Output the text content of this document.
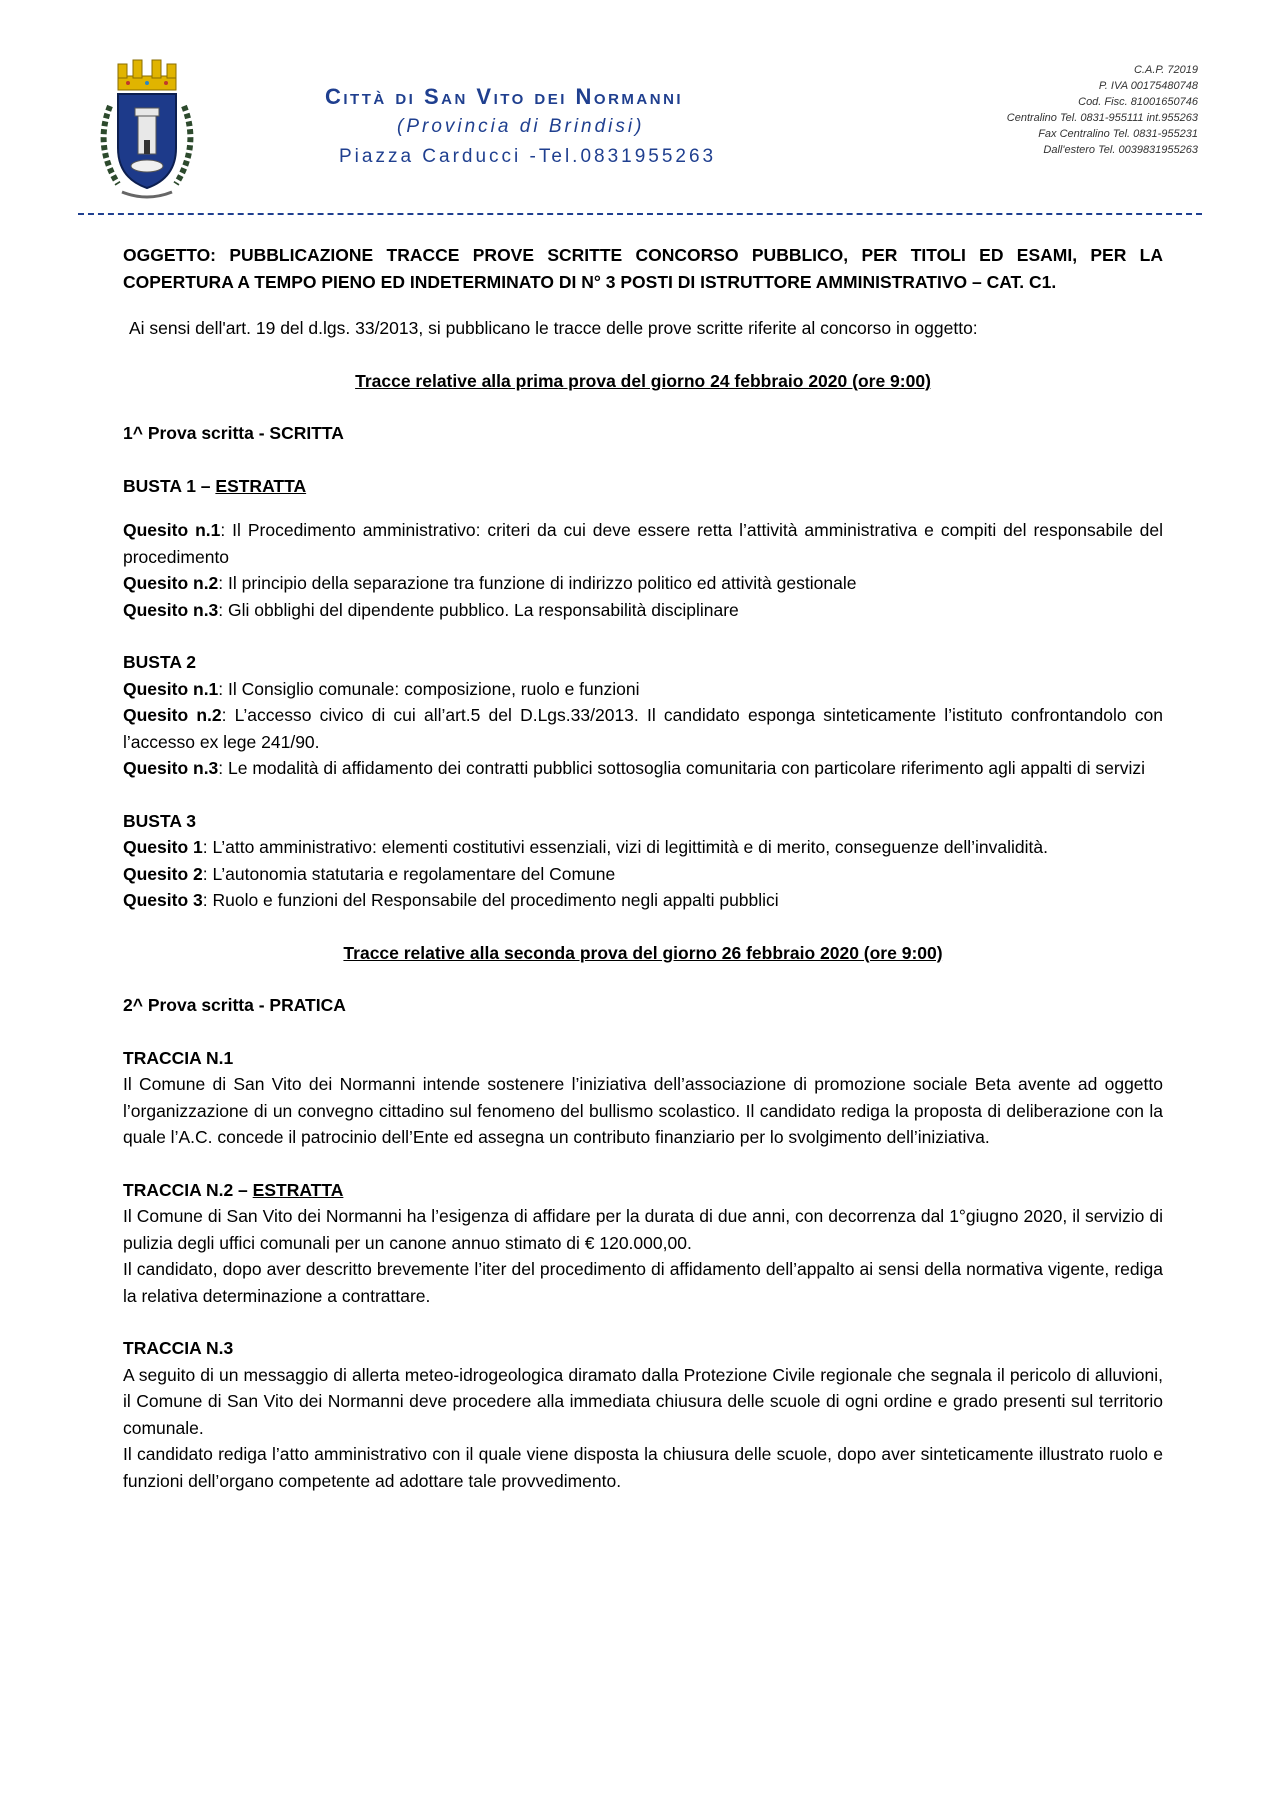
Città di San Vito dei Normanni
(Provincia di Brindisi)
Piazza Carducci -Tel.0831955263
C.A.P. 72019
P. IVA 00175480748
Cod. Fisc. 81001650746
Centralino Tel. 0831-955111 int.955263
Fax Centralino Tel. 0831-955231
Dall'estero Tel. 0039831955263

OGGETTO: PUBBLICAZIONE TRACCE PROVE SCRITTE CONCORSO PUBBLICO, PER TITOLI ED ESAMI, PER LA COPERTURA A TEMPO PIENO ED INDETERMINATO DI N° 3 POSTI DI ISTRUTTORE AMMINISTRATIVO – CAT. C1.

Ai sensi dell'art. 19 del d.lgs. 33/2013, si pubblicano le tracce delle prove scritte riferite al concorso in oggetto:

Tracce relative alla prima prova del giorno 24 febbraio 2020 (ore 9:00)

1^ Prova scritta - SCRITTA

BUSTA 1 – ESTRATTA

Quesito n.1: Il Procedimento amministrativo: criteri da cui deve essere retta l’attività amministrativa e compiti del responsabile del procedimento

Quesito n.2: Il principio della separazione tra funzione di indirizzo politico ed attività gestionale

Quesito n.3: Gli obblighi del dipendente pubblico. La responsabilità disciplinare

BUSTA 2

Quesito n.1: Il Consiglio comunale: composizione, ruolo e funzioni

Quesito n.2: L’accesso civico di cui all’art.5 del D.Lgs.33/2013. Il candidato esponga sinteticamente l’istituto confrontandolo con l’accesso ex lege 241/90.

Quesito n.3: Le modalità di affidamento dei contratti pubblici sottosoglia comunitaria con particolare riferimento agli appalti di servizi

BUSTA 3

Quesito 1: L’atto amministrativo: elementi costitutivi essenziali, vizi di legittimità e di merito, conseguenze dell’invalidità.

Quesito 2: L’autonomia statutaria e regolamentare del Comune

Quesito 3: Ruolo e funzioni del Responsabile del procedimento negli appalti pubblici

Tracce relative alla seconda prova del giorno 26 febbraio 2020 (ore 9:00)

2^ Prova scritta - PRATICA

TRACCIA N.1

Il Comune di San Vito dei Normanni intende sostenere l’iniziativa dell’associazione di promozione sociale Beta avente ad oggetto l’organizzazione di un convegno cittadino sul fenomeno del bullismo scolastico. Il candidato rediga la proposta di deliberazione con la quale l’A.C. concede il patrocinio dell’Ente ed assegna un contributo finanziario per lo svolgimento dell’iniziativa.

TRACCIA N.2 – ESTRATTA

Il Comune di San Vito dei Normanni ha l’esigenza di affidare per la durata di due anni, con decorrenza dal 1°giugno 2020, il servizio di pulizia degli uffici comunali per un canone annuo stimato di € 120.000,00.

Il candidato, dopo aver descritto brevemente l’iter del procedimento di affidamento dell’appalto ai sensi della normativa vigente, rediga la relativa determinazione a contrattare.

TRACCIA N.3

A seguito di un messaggio di allerta meteo-idrogeologica diramato dalla Protezione Civile regionale che segnala il pericolo di alluvioni, il Comune di San Vito dei Normanni deve procedere alla immediata chiusura delle scuole di ogni ordine e grado presenti sul territorio comunale.

Il candidato rediga l’atto amministrativo con il quale viene disposta la chiusura delle scuole, dopo aver sinteticamente illustrato ruolo e funzioni dell’organo competente ad adottare tale provvedimento.
